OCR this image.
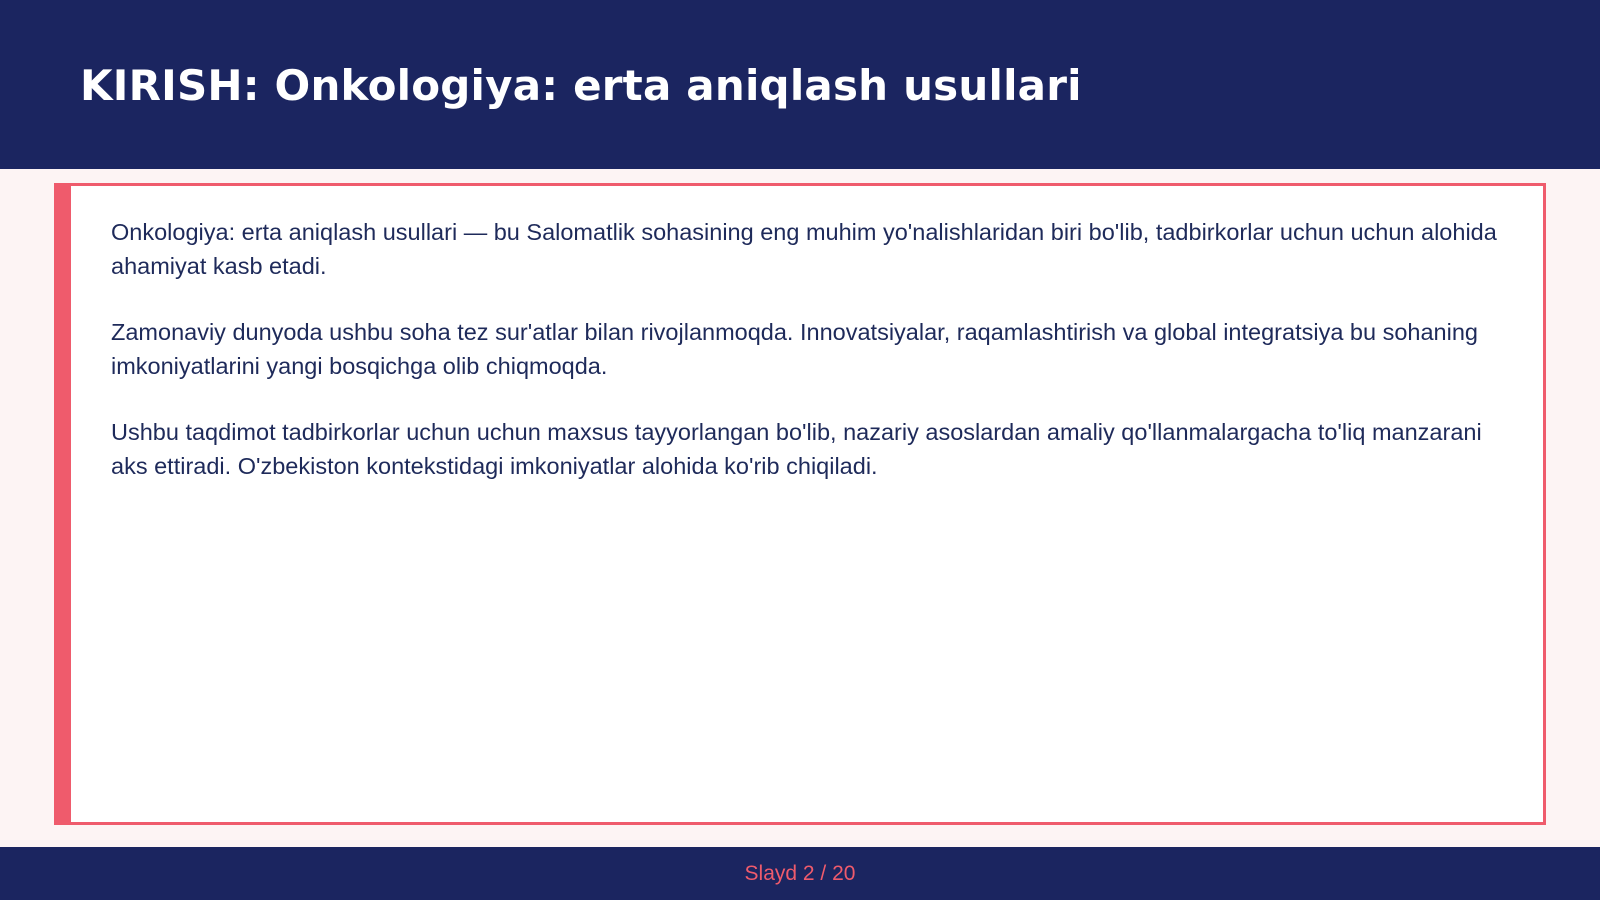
KIRISH: Onkologiya: erta aniqlash usullari

Onkologiya: erta aniqlash usullari — bu Salomatlik sohasining eng muhim yo'nalishlaridan biri bo'lib, tadbirkorlar uchun uchun alohida ahamiyat kasb etadi.

Zamonaviy dunyoda ushbu soha tez sur'atlar bilan rivojlanmoqda. Innovatsiyalar, raqamlashtirish va global integratsiya bu sohaning imkoniyatlarini yangi bosqichga olib chiqmoqda.

Ushbu taqdimot tadbirkorlar uchun uchun maxsus tayyorlangan bo'lib, nazariy asoslardan amaliy qo'llanmalargacha to'liq manzarani aks ettiradi. O'zbekiston kontekstidagi imkoniyatlar alohida ko'rib chiqiladi.

Slayd 2 / 20
